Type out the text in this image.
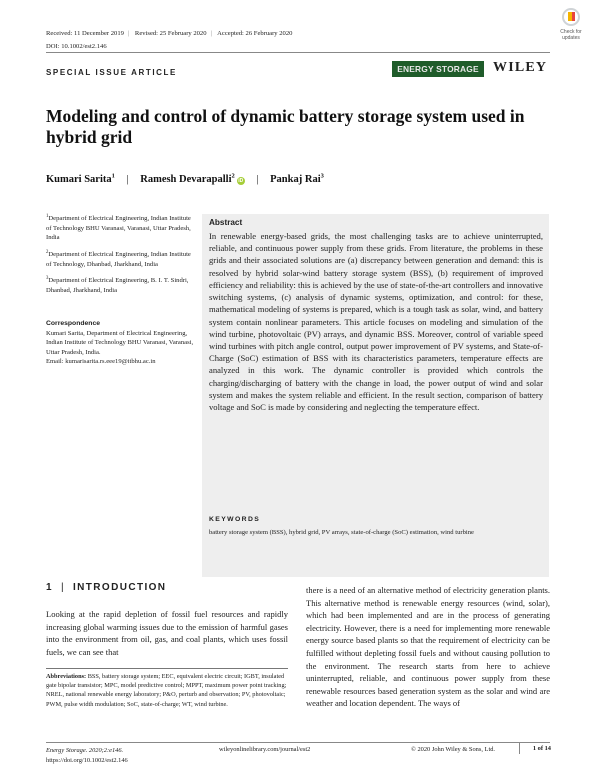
Received: 11 December 2019 | Revised: 25 February 2020 | Accepted: 26 February 2020
DOI: 10.1002/est2.146
Check for
updates
SPECIAL ISSUE ARTICLE	ENERGY STORAGE	WILEY
Modeling and control of dynamic battery storage system used in hybrid grid
Kumari Sarita$^1$ | Ramesh Devarapalli$^2$iD | Pankaj Rai$^3$

$^1$Department of Electrical Engineering, Indian Institute of Technology BHU Varanasi, Varanasi, Uttar Pradesh, India

$^2$Department of Electrical Engineering, Indian Institute of Technology, Dhanbad, Jharkhand, India

$^3$Department of Electrical Engineering, B. I. T. Sindri, Dhanbad, Jharkhand, India

Correspondence
Kumari Sarita, Department of Electrical Engineering, Indian Institute of Technology BHU Varanasi, Varanasi, Uttar Pradesh, India.
Email: kumarisarita.rs.eee19@itbhu.ac.in
Abstract
In renewable energy-based grids, the most challenging tasks are to achieve uninterrupted, reliable, and continuous power supply from these grids. From literature, the problems in these grids and their associated solutions are (a) discrepancy between generation and demand: this is resolved by hybrid solar-wind battery storage system (BSS), (b) requirement of improved efficiency and reliability: this is achieved by the use of state-of-the-art controllers and innovative switching systems, (c) analysis of dynamic systems, optimization, and control: for these, mathematical modeling of systems is prepared, which is a tough task as solar, wind, and battery system contain nonlinear parameters. This article focuses on modeling and simulation of the wind turbine, photovoltaic (PV) arrays, and dynamic BSS. Moreover, control of variable speed wind turbines with pitch angle control, output power improvement of PV systems, and State-of-Charge (SoC) estimation of BSS with its characteristics parameters, temperature effects are analyzed in this work. The dynamic controller is provided which controls the charging/discharging of battery with the change in load, the power output of wind and solar system and makes the system reliable and efficient. In the result section, comparison of battery voltage and SoC is made by considering and neglecting the temperature effect.
KEYWORDS
battery storage system (BSS), hybrid grid, PV arrays, state-of-charge (SoC) estimation, wind turbine
1 | INTRODUCTION
Looking at the rapid depletion of fossil fuel resources and rapidly increasing global warming issues due to the emission of harmful gases into the environment from oil, gas, and coal plants, which uses fossil fuels, we can see that
Abbreviations: BSS, battery storage system; EEC, equivalent electric circuit; IGBT, insulated gate bipolar transistor; MPC, model predictive control; MPPT, maximum power point tracking; NREL, national renewable energy laboratory; P&O, perturb and observation; PV, photovoltaic; PWM, pulse width modulation; SoC, state-of-charge; WT, wind turbine.
there is a need of an alternative method of electricity generation plants. This alternative method is renewable energy resources (wind, solar), which had been implemented and are in the process of generating electricity. However, there is a need for implementing more renewable energy source based plants so that the requirement of electricity can be fulfilled without depleting fossil fuels and without causing pollution to the environment. The research starts from here to achieve uninterrupted, reliable, and continuous power supply from these renewable resources based generation system as the solar and wind are weather and location dependent. The ways of
Energy Storage. 2020;2:e146.
https://doi.org/10.1002/est2.146
wileyonlinelibrary.com/journal/est2	© 2020 John Wiley & Sons, Ltd.	1 of 14
